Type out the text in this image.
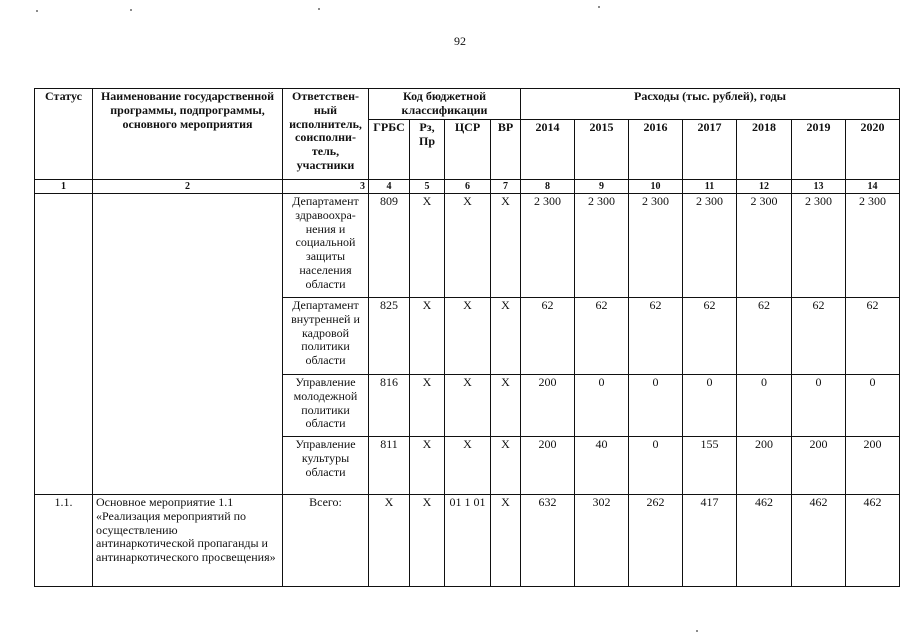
92
Статус	Наименование государственной программы, подпрограммы, основного мероприятия	Ответствен-ный исполнитель, соисполнитель, участники	Код бюджетной классификации				Расходы (тыс. рублей), годы						
			ГРБС	Рз, Пр	ЦСР	ВР	2014	2015	2016	2017	2018	2019	2020
1	2	3	4	5	6	7	8	9	10	11	12	13	14
		Департамент здравоохра-нения и социальной защиты населения области	809	X	X	X	2 300	2 300	2 300	2 300	2 300	2 300	2 300
		Департамент внутренней и кадровой политики области	825	X	X	X	62	62	62	62	62	62	62
		Управление молодежной политики области	816	X	X	X	200	0	0	0	0	0	0
		Управление культуры области	811	X	X	X	200	40	0	155	200	200	200
1.1.	Основное мероприятие 1.1 «Реализация мероприятий по осуществлению антинаркотической пропаганды и антинаркотического просвещения»	Всего:	X	X	01 1 01	X	632	302	262	417	462	462	462
